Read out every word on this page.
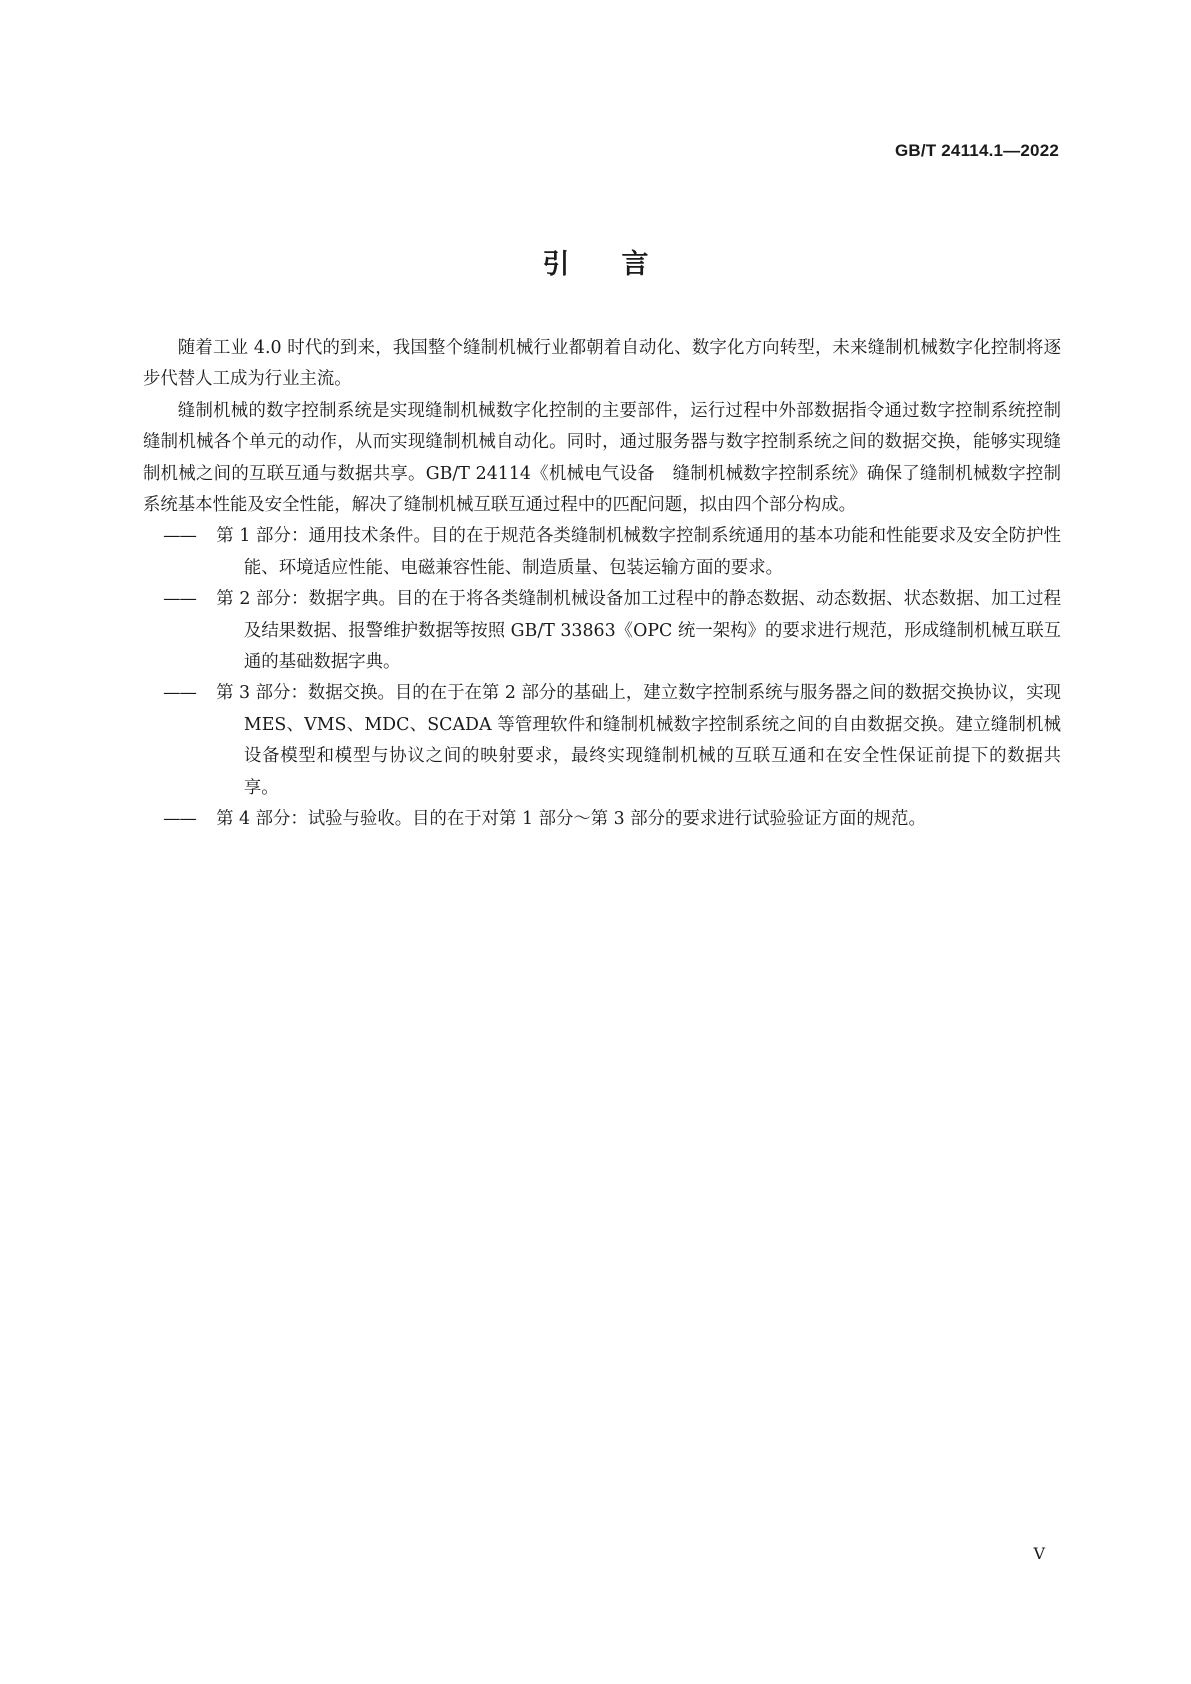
GB/T 24114.1—2022
引言

随着工业 4.0 时代的到来，我国整个缝制机械行业都朝着自动化、数字化方向转型，未来缝制机械数字化控制将逐步代替人工成为行业主流。

缝制机械的数字控制系统是实现缝制机械数字化控制的主要部件，运行过程中外部数据指令通过数字控制系统控制缝制机械各个单元的动作，从而实现缝制机械自动化。同时，通过服务器与数字控制系统之间的数据交换，能够实现缝制机械之间的互联互通与数据共享。GB/T 24114《机械电气设备　缝制机械数字控制系统》确保了缝制机械数字控制系统基本性能及安全性能，解决了缝制机械互联互通过程中的匹配问题，拟由四个部分构成。

—— 第 1 部分：通用技术条件。目的在于规范各类缝制机械数字控制系统通用的基本功能和性能要求及安全防护性能、环境适应性能、电磁兼容性能、制造质量、包装运输方面的要求。

—— 第 2 部分：数据字典。目的在于将各类缝制机械设备加工过程中的静态数据、动态数据、状态数据、加工过程及结果数据、报警维护数据等按照 GB/T 33863《OPC 统一架构》的要求进行规范，形成缝制机械互联互通的基础数据字典。

—— 第 3 部分：数据交换。目的在于在第 2 部分的基础上，建立数字控制系统与服务器之间的数据交换协议，实现 MES、VMS、MDC、SCADA 等管理软件和缝制机械数字控制系统之间的自由数据交换。建立缝制机械设备模型和模型与协议之间的映射要求，最终实现缝制机械的互联互通和在安全性保证前提下的数据共享。

—— 第 4 部分：试验与验收。目的在于对第 1 部分～第 3 部分的要求进行试验验证方面的规范。

V
